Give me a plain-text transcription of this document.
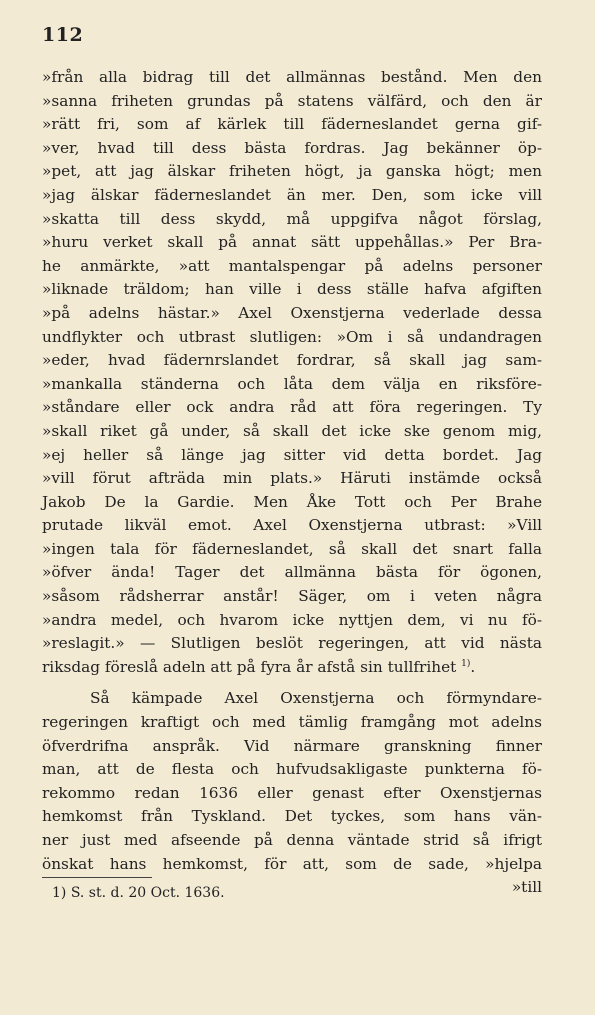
112
»från alla bidrag till det allmännas bestånd. Men den
»sanna friheten grundas på statens välfärd, och den är
»rätt fri, som af kärlek till fäderneslandet gerna gif-
»ver, hvad till dess bästa fordras. Jag bekänner öp-
»pet, att jag älskar friheten högt, ja ganska högt; men
»jag älskar fäderneslandet än mer. Den, som icke vill
»skatta till dess skydd, må uppgifva något förslag,
»huru verket skall på annat sätt uppehållas.» Per Bra-
he anmärkte, »att mantalspengar på adelns personer
»liknade träldom; han ville i dess ställe hafva afgiften
»på adelns hästar.» Axel Oxenstjerna vederlade dessa
undflykter och utbrast slutligen: »Om i så undandragen
»eder, hvad fädernrslandet fordrar, så skall jag sam-
»mankalla ständerna och låta dem välja en riksföre-
»ståndare eller ock andra råd att föra regeringen. Ty
»skall riket gå under, så skall det icke ske genom mig,
»ej heller så länge jag sitter vid detta bordet. Jag
»vill förut afträda min plats.» Häruti instämde också
Jakob De la Gardie. Men Åke Tott och Per Brahe
prutade likväl emot. Axel Oxenstjerna utbrast: »Vill
»ingen tala för fäderneslandet, så skall det snart falla
»öfver ända! Tager det allmänna bästa för ögonen,
»såsom rådsherrar anstår! Säger, om i veten några
»andra medel, och hvarom icke nyttjen dem, vi nu fö-
»reslagit.» — Slutligen beslöt regeringen, att vid nästa
riksdag föreslå adeln att på fyra år afstå sin tullfrihet $^{1)}$.
Så kämpade Axel Oxenstjerna och förmyndare-
regeringen kraftigt och med tämlig framgång mot adelns
öfverdrifna anspråk. Vid närmare granskning finner
man, att de flesta och hufvudsakligaste punkterna fö-
rekommo redan 1636 eller genast efter Oxenstjernas
hemkomst från Tyskland. Det tyckes, som hans vän-
ner just med afseende på denna väntade strid så ifrigt
önskat hans hemkomst, för att, som de sade, »hjelpa
»till
1) S. st. d. 20 Oct. 1636.
